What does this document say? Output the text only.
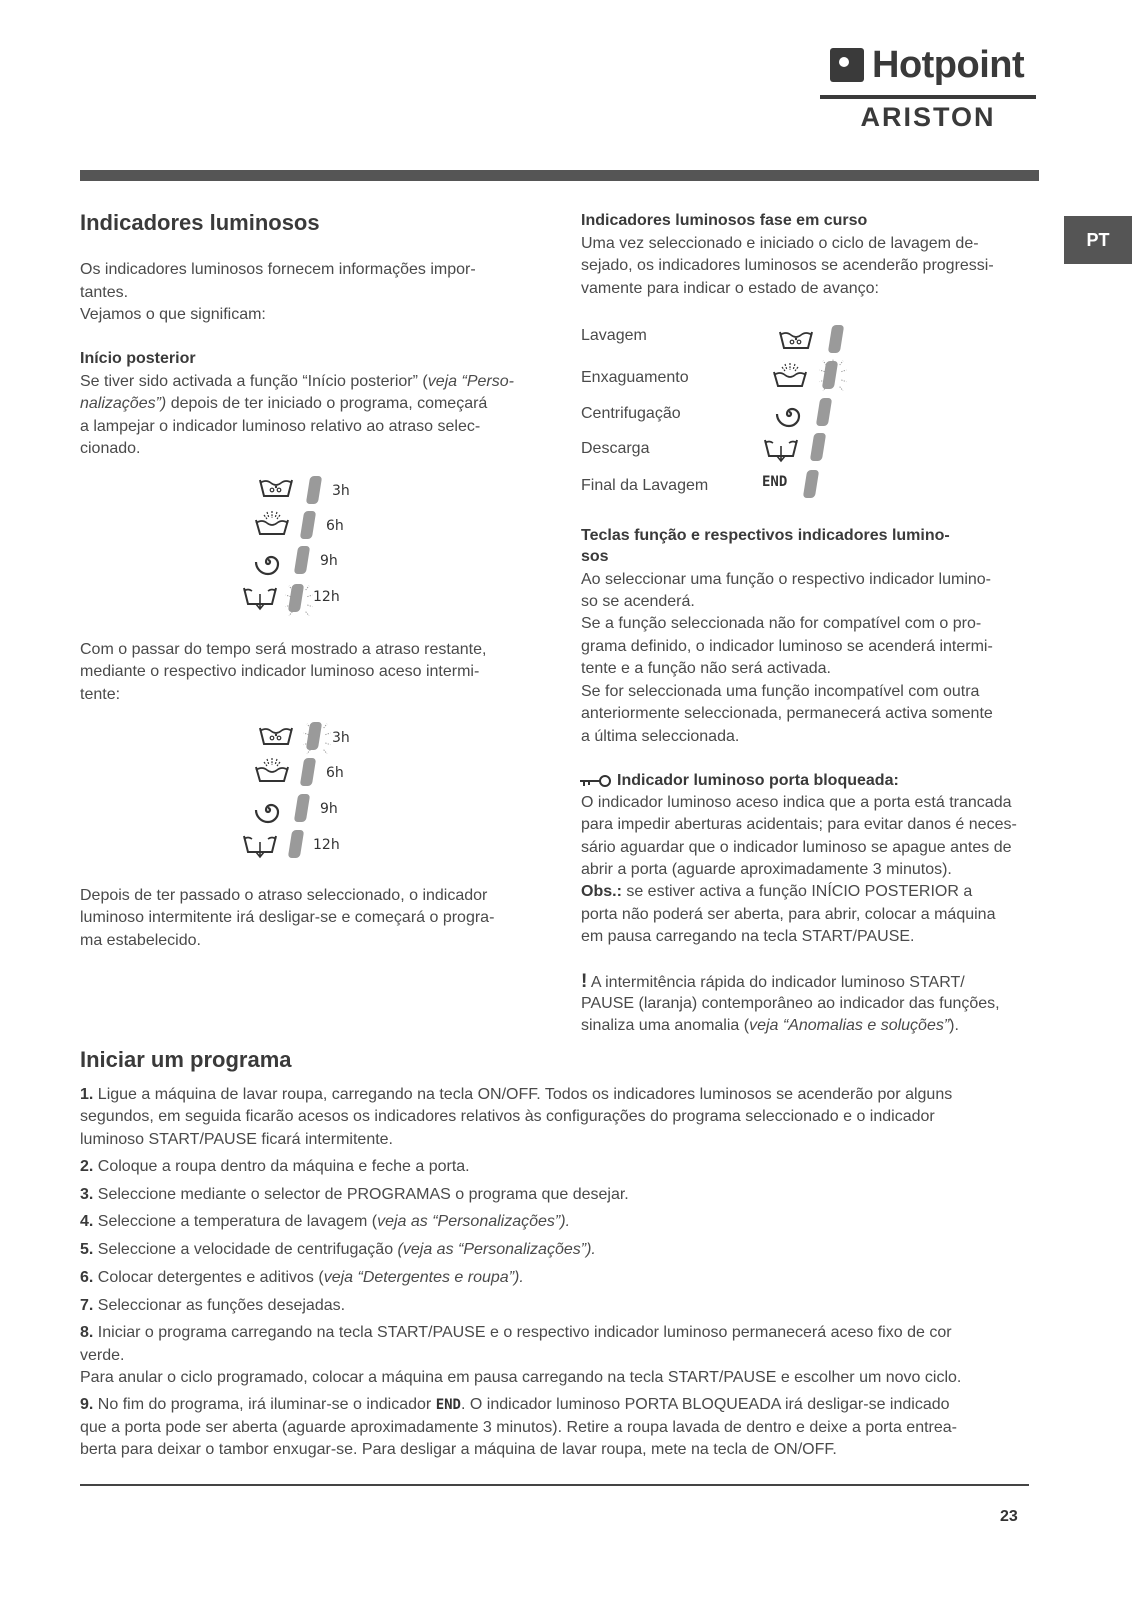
Hotpoint
ARISTON
PT
Indicadores luminosos
Os indicadores luminosos fornecem informações impor-
tantes.
Vejamos o que significam:
Início posterior
Se tiver sido activada a função “Início posterior” (veja “Perso-
nalizações”) depois de ter iniciado o programa, começará
a lampejar o indicador luminoso relativo ao atraso selec-
cionado.
3h
6h
9h
12h
Com o passar do tempo será mostrado a atraso restante,
mediante o respectivo indicador luminoso aceso intermi-
tente:
3h
6h
9h
12h
Depois de ter passado o atraso seleccionado, o indicador
luminoso intermitente irá desligar-se e começará o progra-
ma estabelecido.
Indicadores luminosos fase em curso
Uma vez seleccionado e iniciado o ciclo de lavagem de-
sejado, os indicadores luminosos se acenderão progressi-
vamente para indicar o estado de avanço:
Lavagem
Enxaguamento
Centrifugação
Descarga
Final da Lavagem	END
Teclas função e respectivos indicadores lumino-
sos
Ao seleccionar uma função o respectivo indicador lumino-
so se acenderá.
Se a função seleccionada não for compatível com o pro-
grama definido, o indicador luminoso se acenderá intermi-
tente e a função não será activada.
Se for seleccionada uma função incompatível com outra
anteriormente seleccionada, permanecerá activa somente
a última seleccionada.
Indicador luminoso porta bloqueada:
O indicador luminoso aceso indica que a porta está trancada
para impedir aberturas acidentais; para evitar danos é neces-
sário aguardar que o indicador luminoso se apague antes de
abrir a porta (aguarde aproximadamente 3 minutos).
Obs.: se estiver activa a função INÍCIO POSTERIOR a
porta não poderá ser aberta, para abrir, colocar a máquina
em pausa carregando na tecla START/PAUSE.
! A intermitência rápida do indicador luminoso START/
PAUSE (laranja) contemporâneo ao indicador das funções,
sinaliza uma anomalia (veja “Anomalias e soluções”).
Iniciar um programa
1. Ligue a máquina de lavar roupa, carregando na tecla ON/OFF. Todos os indicadores luminosos se acenderão por alguns
segundos, em seguida ficarão acesos os indicadores relativos às configurações do programa seleccionado e o indicador
luminoso START/PAUSE ficará intermitente.
2. Coloque a roupa dentro da máquina e feche a porta.
3. Seleccione mediante o selector de PROGRAMAS o programa que desejar.
4. Seleccione a temperatura de lavagem (veja as “Personalizações”).
5. Seleccione a velocidade de centrifugação (veja as “Personalizações”).
6. Colocar detergentes e aditivos (veja “Detergentes e roupa”).
7. Seleccionar as funções desejadas.
8. Iniciar o programa carregando na tecla START/PAUSE e o respectivo indicador luminoso permanecerá aceso fixo de cor
verde.
Para anular o ciclo programado, colocar a máquina em pausa carregando na tecla START/PAUSE e escolher um novo ciclo.
9. No fim do programa, irá iluminar-se o indicador END. O indicador luminoso PORTA BLOQUEADA irá desligar-se indicado
que a porta pode ser aberta (aguarde aproximadamente 3 minutos). Retire a roupa lavada de dentro e deixe a porta entrea-
berta para deixar o tambor enxugar-se. Para desligar a máquina de lavar roupa, mete na tecla de ON/OFF.
23
